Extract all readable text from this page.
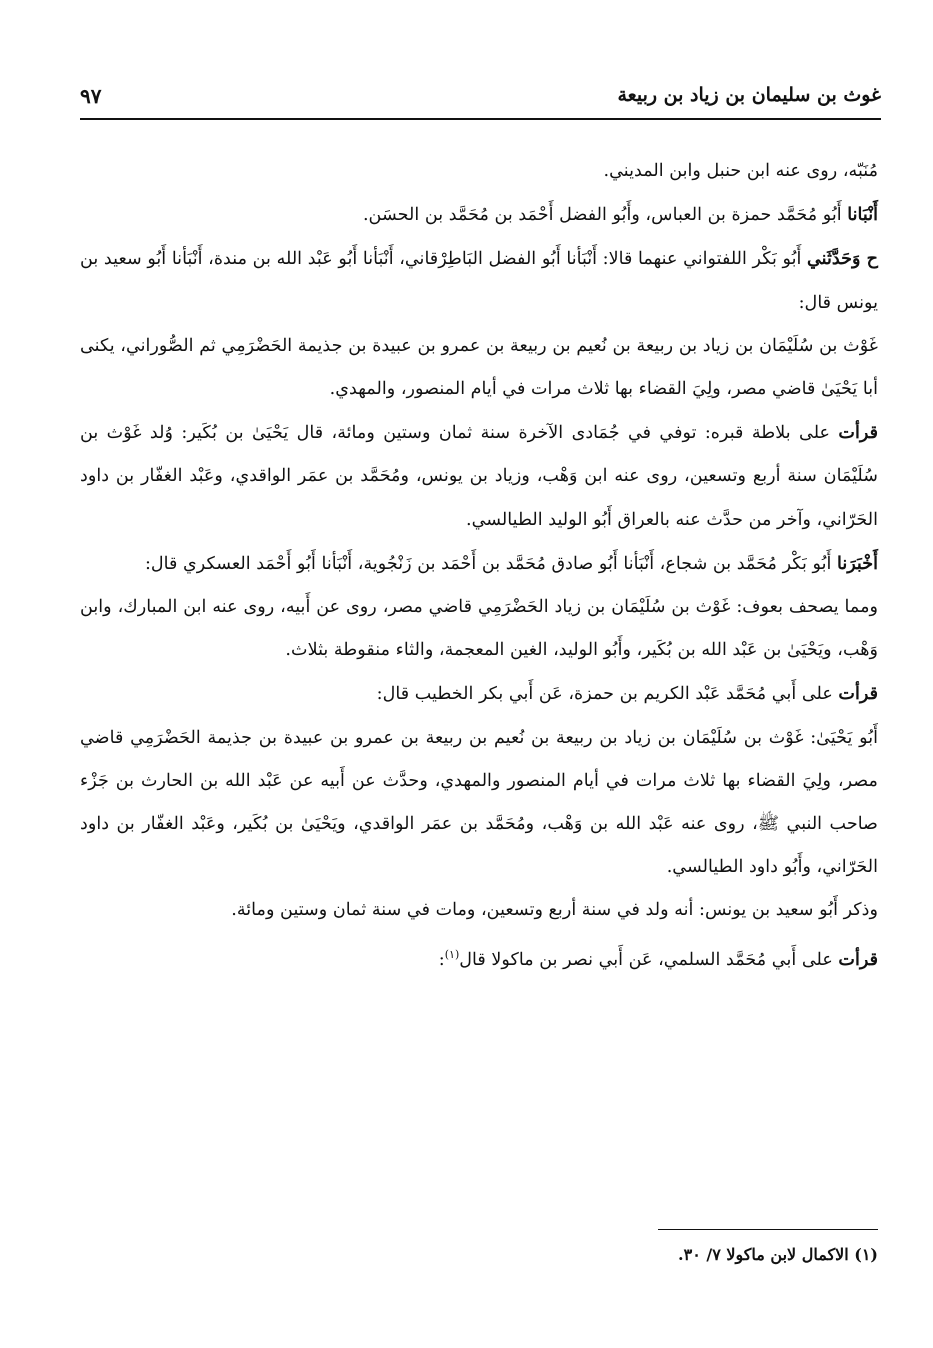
غوث بن سليمان بن زياد بن ربيعة
٩٧

مُنَبّه، روى عنه ابن حنبل وابن المديني.

أَنْبَانا أَبُو مُحَمَّد حمزة بن العباس، وأَبُو الفضل أَحْمَد بن مُحَمَّد بن الحسَن.

ح وَحَدَّثَني أَبُو بَكْر اللفتواني عنهما قالا: أَنْبَأنا أَبُو الفضل البَاطِرْقاني، أَنْبَأنا أَبُو عَبْد الله بن مندة، أَنْبَأنا أَبُو سعيد بن يونس قال:

غَوْث بن سُلَيْمَان بن زياد بن ربيعة بن نُعيم بن ربيعة بن عمرو بن عبيدة بن جذيمة الحَضْرَمِي ثم الصُّوراني، يكنى أبا يَحْيَىٰ قاضي مصر، ولِيَ القضاء بها ثلاث مرات في أيام المنصور، والمهدي.

قرأت على بلاطة قبره: توفي في جُمَادى الآخرة سنة ثمان وستين ومائة، قال يَحْيَىٰ بن بُكَير: وُلد غَوْث بن سُلَيْمَان سنة أربع وتسعين، روى عنه ابن وَهْب، وزياد بن يونس، ومُحَمَّد بن عمَر الواقدي، وعَبْد الغفّار بن داود الحَرّاني، وآخر من حدَّث عنه بالعراق أَبُو الوليد الطيالسي.

أَخْبَرَنا أَبُو بَكْر مُحَمَّد بن شجاع، أَنْبَأنا أَبُو صادق مُحَمَّد بن أَحْمَد بن زَنْجُوية، أَنْبَأنا أَبُو أَحْمَد العسكري قال:

ومما يصحف بعوف: غَوْث بن سُلَيْمَان بن زياد الحَضْرَمِي قاضي مصر، روى عن أَبيه، روى عنه ابن المبارك، وابن وَهْب، ويَحْيَىٰ بن عَبْد الله بن بُكَير، وأَبُو الوليد، الغين المعجمة، والثاء منقوطة بثلاث.

قرأت على أَبي مُحَمَّد عَبْد الكريم بن حمزة، عَن أَبي بكر الخطيب قال:

أَبُو يَحْيَىٰ: غَوْث بن سُلَيْمَان بن زياد بن ربيعة بن نُعيم بن ربيعة بن عمرو بن عبيدة بن جذيمة الحَضْرَمِي قاضي مصر، ولِيَ القضاء بها ثلاث مرات في أيام المنصور والمهدي، وحدَّث عن أَبيه عن عَبْد الله بن الحارث بن جَزْء صاحب النبي ﷺ، روى عنه عَبْد الله بن وَهْب، ومُحَمَّد بن عمَر الواقدي، ويَحْيَىٰ بن بُكَير، وعَبْد الغفّار بن داود الحَرّاني، وأَبُو داود الطيالسي.

وذكر أَبُو سعيد بن يونس: أنه ولد في سنة أربع وتسعين، ومات في سنة ثمان وستين ومائة.

قرأت على أَبي مُحَمَّد السلمي، عَن أَبي نصر بن ماكولا قال$^{(١)}$:

(١) الاكمال لابن ماكولا ٧/ ٣٠.
